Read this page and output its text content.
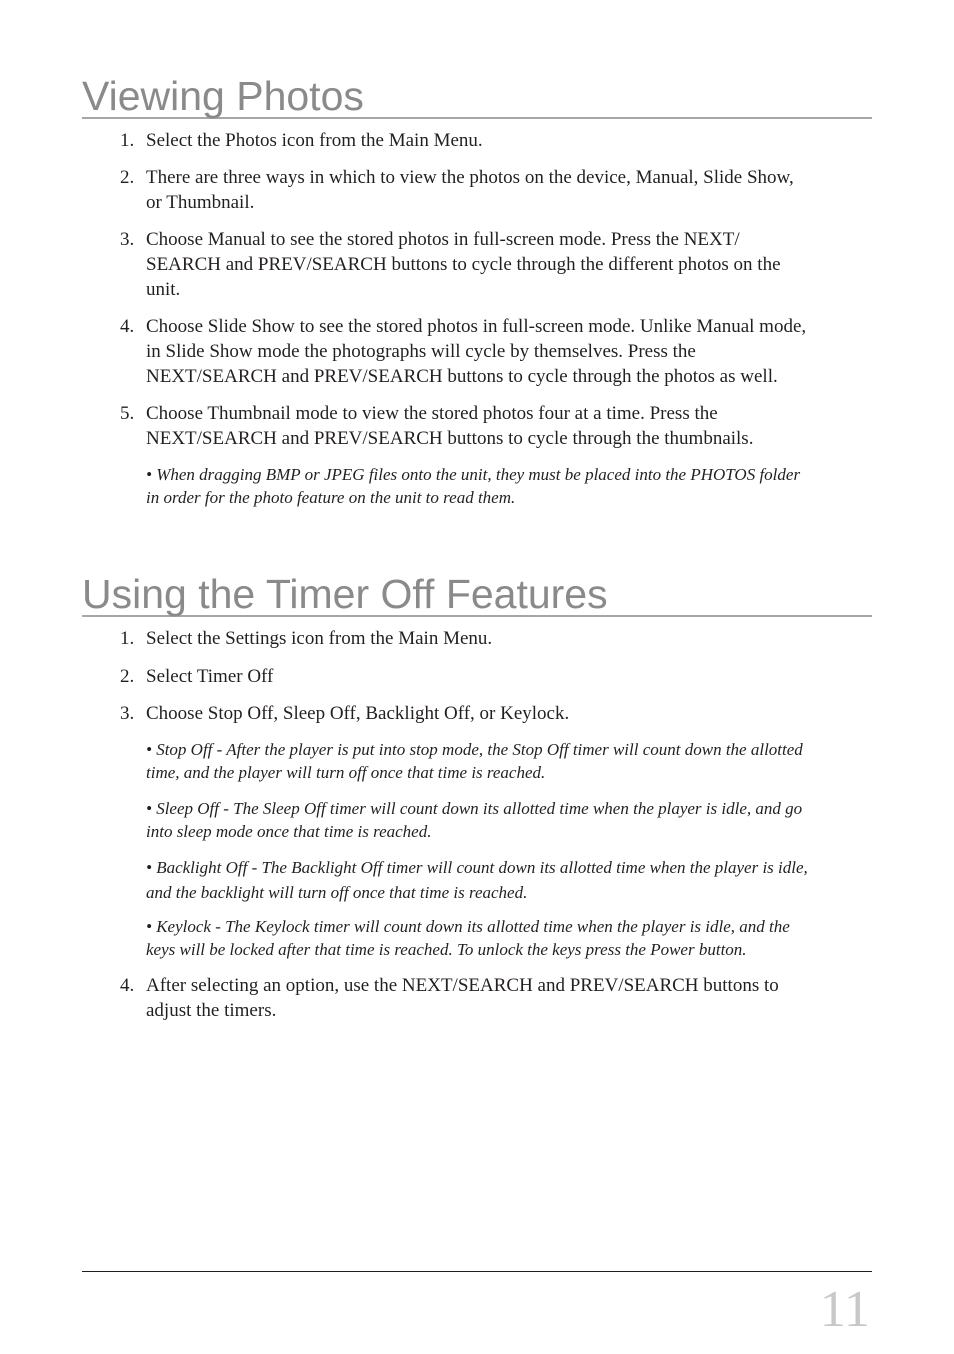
Viewing Photos
1. Select the Photos icon from the Main Menu.
2. There are three ways in which to view the photos on the device, Manual, Slide Show, or Thumbnail.
3. Choose Manual to see the stored photos in full-screen mode. Press the NEXT/ SEARCH and PREV/SEARCH buttons to cycle through the different photos on the unit.
4. Choose Slide Show to see the stored photos in full-screen mode. Unlike Manual mode, in Slide Show mode the photographs will cycle by themselves. Press the NEXT/SEARCH and PREV/SEARCH buttons to cycle through the photos as well.
5. Choose Thumbnail mode to view the stored photos four at a time. Press the NEXT/SEARCH and PREV/SEARCH buttons to cycle through the thumbnails.

• When dragging BMP or JPEG files onto the unit, they must be placed into the PHOTOS folder in order for the photo feature on the unit to read them.

Using the Timer Off Features
1. Select the Settings icon from the Main Menu.
2. Select Timer Off
3. Choose Stop Off, Sleep Off, Backlight Off, or Keylock.

• Stop Off - After the player is put into stop mode, the Stop Off timer will count down the allotted time, and the player will turn off once that time is reached.

• Sleep Off - The Sleep Off timer will count down its allotted time when the player is idle, and go into sleep mode once that time is reached.

• Backlight Off - The Backlight Off timer will count down its allotted time when the player is idle, and the backlight will turn off once that time is reached.

• Keylock - The Keylock timer will count down its allotted time when the player is idle, and the keys will be locked after that time is reached. To unlock the keys press the Power button.

4. After selecting an option, use the NEXT/SEARCH and PREV/SEARCH buttons to adjust the timers.
11
